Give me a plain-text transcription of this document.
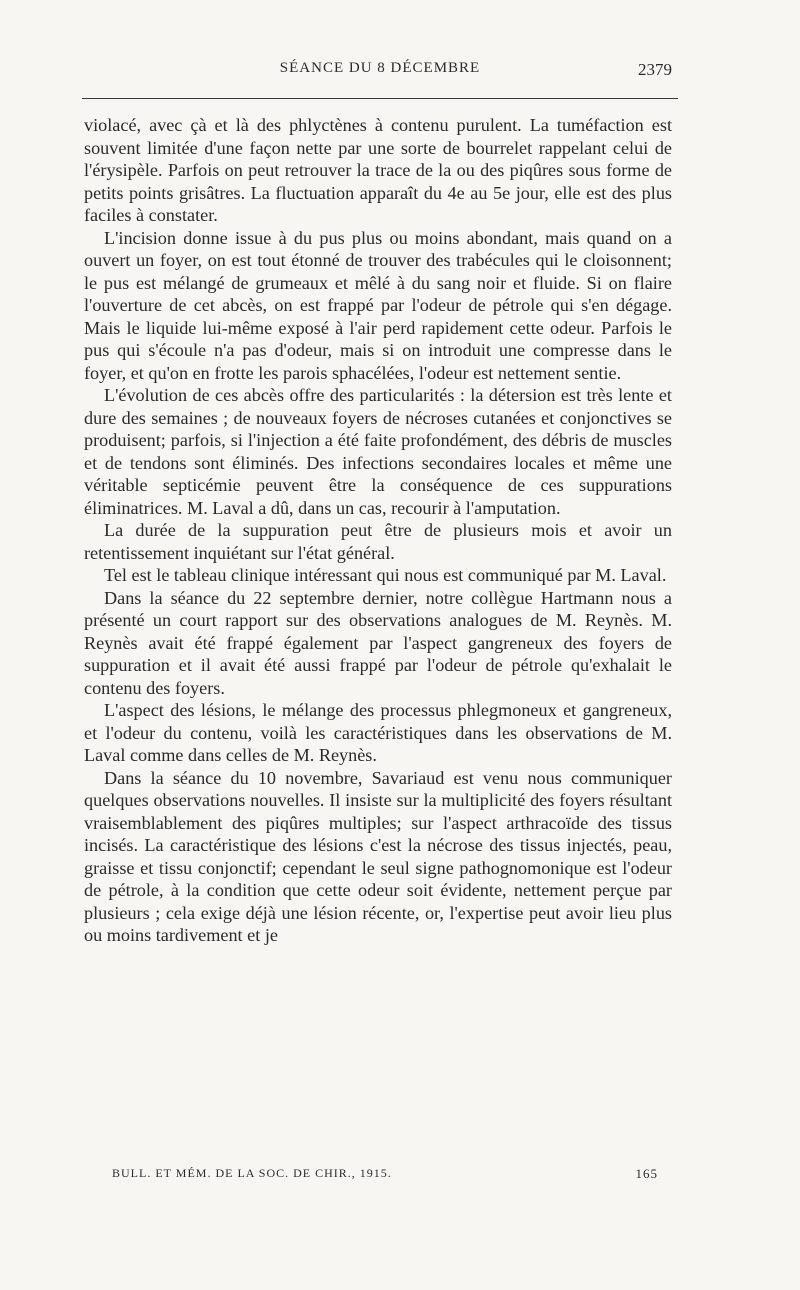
SÉANCE DU 8 DÉCEMBRE	2379

violacé, avec çà et là des phlyctènes à contenu purulent. La tuméfaction est souvent limitée d'une façon nette par une sorte de bourrelet rappelant celui de l'érysipèle. Parfois on peut retrouver la trace de la ou des piqûres sous forme de petits points grisâtres. La fluctuation apparaît du 4e au 5e jour, elle est des plus faciles à constater.

L'incision donne issue à du pus plus ou moins abondant, mais quand on a ouvert un foyer, on est tout étonné de trouver des trabécules qui le cloisonnent; le pus est mélangé de grumeaux et mêlé à du sang noir et fluide. Si on flaire l'ouverture de cet abcès, on est frappé par l'odeur de pétrole qui s'en dégage. Mais le liquide lui-même exposé à l'air perd rapidement cette odeur. Parfois le pus qui s'écoule n'a pas d'odeur, mais si on introduit une compresse dans le foyer, et qu'on en frotte les parois sphacélées, l'odeur est nettement sentie.

L'évolution de ces abcès offre des particularités : la détersion est très lente et dure des semaines ; de nouveaux foyers de nécroses cutanées et conjonctives se produisent; parfois, si l'injection a été faite profondément, des débris de muscles et de tendons sont éliminés. Des infections secondaires locales et même une véritable septicémie peuvent être la conséquence de ces suppurations éliminatrices. M. Laval a dû, dans un cas, recourir à l'amputation.

La durée de la suppuration peut être de plusieurs mois et avoir un retentissement inquiétant sur l'état général.

Tel est le tableau clinique intéressant qui nous est communiqué par M. Laval.

Dans la séance du 22 septembre dernier, notre collègue Hartmann nous a présenté un court rapport sur des observations analogues de M. Reynès. M. Reynès avait été frappé également par l'aspect gangreneux des foyers de suppuration et il avait été aussi frappé par l'odeur de pétrole qu'exhalait le contenu des foyers.

L'aspect des lésions, le mélange des processus phlegmoneux et gangreneux, et l'odeur du contenu, voilà les caractéristiques dans les observations de M. Laval comme dans celles de M. Reynès.

Dans la séance du 10 novembre, Savariaud est venu nous communiquer quelques observations nouvelles. Il insiste sur la multiplicité des foyers résultant vraisemblablement des piqûres multiples; sur l'aspect arthracoïde des tissus incisés. La caractéristique des lésions c'est la nécrose des tissus injectés, peau, graisse et tissu conjonctif; cependant le seul signe pathognomonique est l'odeur de pétrole, à la condition que cette odeur soit évidente, nettement perçue par plusieurs ; cela exige déjà une lésion récente, or, l'expertise peut avoir lieu plus ou moins tardivement et je

BULL. ET MÉM. DE LA SOC. DE CHIR., 1915.	165
